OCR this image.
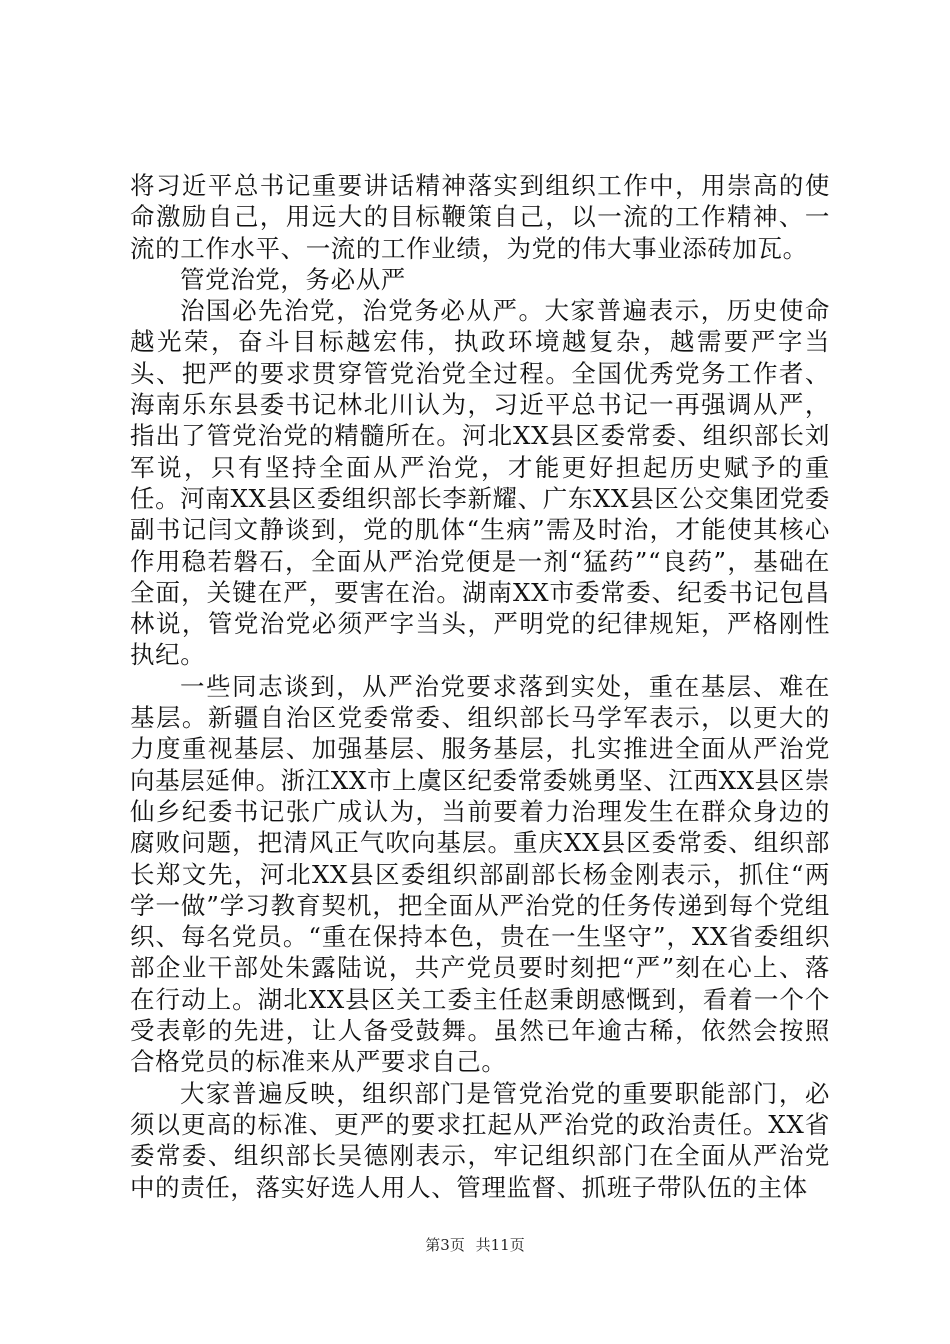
将习近平总书记重要讲话精神落实到组织工作中，用崇高的使命激励自己，用远大的目标鞭策自己，以一流的工作精神、一流的工作水平、一流的工作业绩，为党的伟大事业添砖加瓦。

管党治党，务必从严

治国必先治党，治党务必从严。大家普遍表示，历史使命越光荣，奋斗目标越宏伟，执政环境越复杂，越需要严字当头、把严的要求贯穿管党治党全过程。全国优秀党务工作者、海南乐东县委书记林北川认为，习近平总书记一再强调从严，指出了管党治党的精髓所在。河北XX县区委常委、组织部长刘军说，只有坚持全面从严治党，才能更好担起历史赋予的重任。河南XX县区委组织部长李新耀、广东XX县区公交集团党委副书记闫文静谈到，党的肌体“生病”需及时治，才能使其核心作用稳若磐石，全面从严治党便是一剂“猛药”“良药”，基础在全面，关键在严，要害在治。湖南XX市委常委、纪委书记包昌林说，管党治党必须严字当头，严明党的纪律规矩，严格刚性执纪。

一些同志谈到，从严治党要求落到实处，重在基层、难在基层。新疆自治区党委常委、组织部长马学军表示，以更大的力度重视基层、加强基层、服务基层，扎实推进全面从严治党向基层延伸。浙江XX市上虞区纪委常委姚勇坚、江西XX县区崇仙乡纪委书记张广成认为，当前要着力治理发生在群众身边的腐败问题，把清风正气吹向基层。重庆XX县区委常委、组织部长郑文先，河北XX县区委组织部副部长杨金刚表示，抓住“两学一做”学习教育契机，把全面从严治党的任务传递到每个党组织、每名党员。“重在保持本色，贵在一生坚守”，XX省委组织部企业干部处朱露陆说，共产党员要时刻把“严”刻在心上、落在行动上。湖北XX县区关工委主任赵秉朗感慨到，看着一个个受表彰的先进，让人备受鼓舞。虽然已年逾古稀，依然会按照合格党员的标准来从严要求自己。

大家普遍反映，组织部门是管党治党的重要职能部门，必须以更高的标准、更严的要求扛起从严治党的政治责任。XX省委常委、组织部长吴德刚表示，牢记组织部门在全面从严治党中的责任，落实好选人用人、管理监督、抓班子带队伍的主体

第3页 共11页
